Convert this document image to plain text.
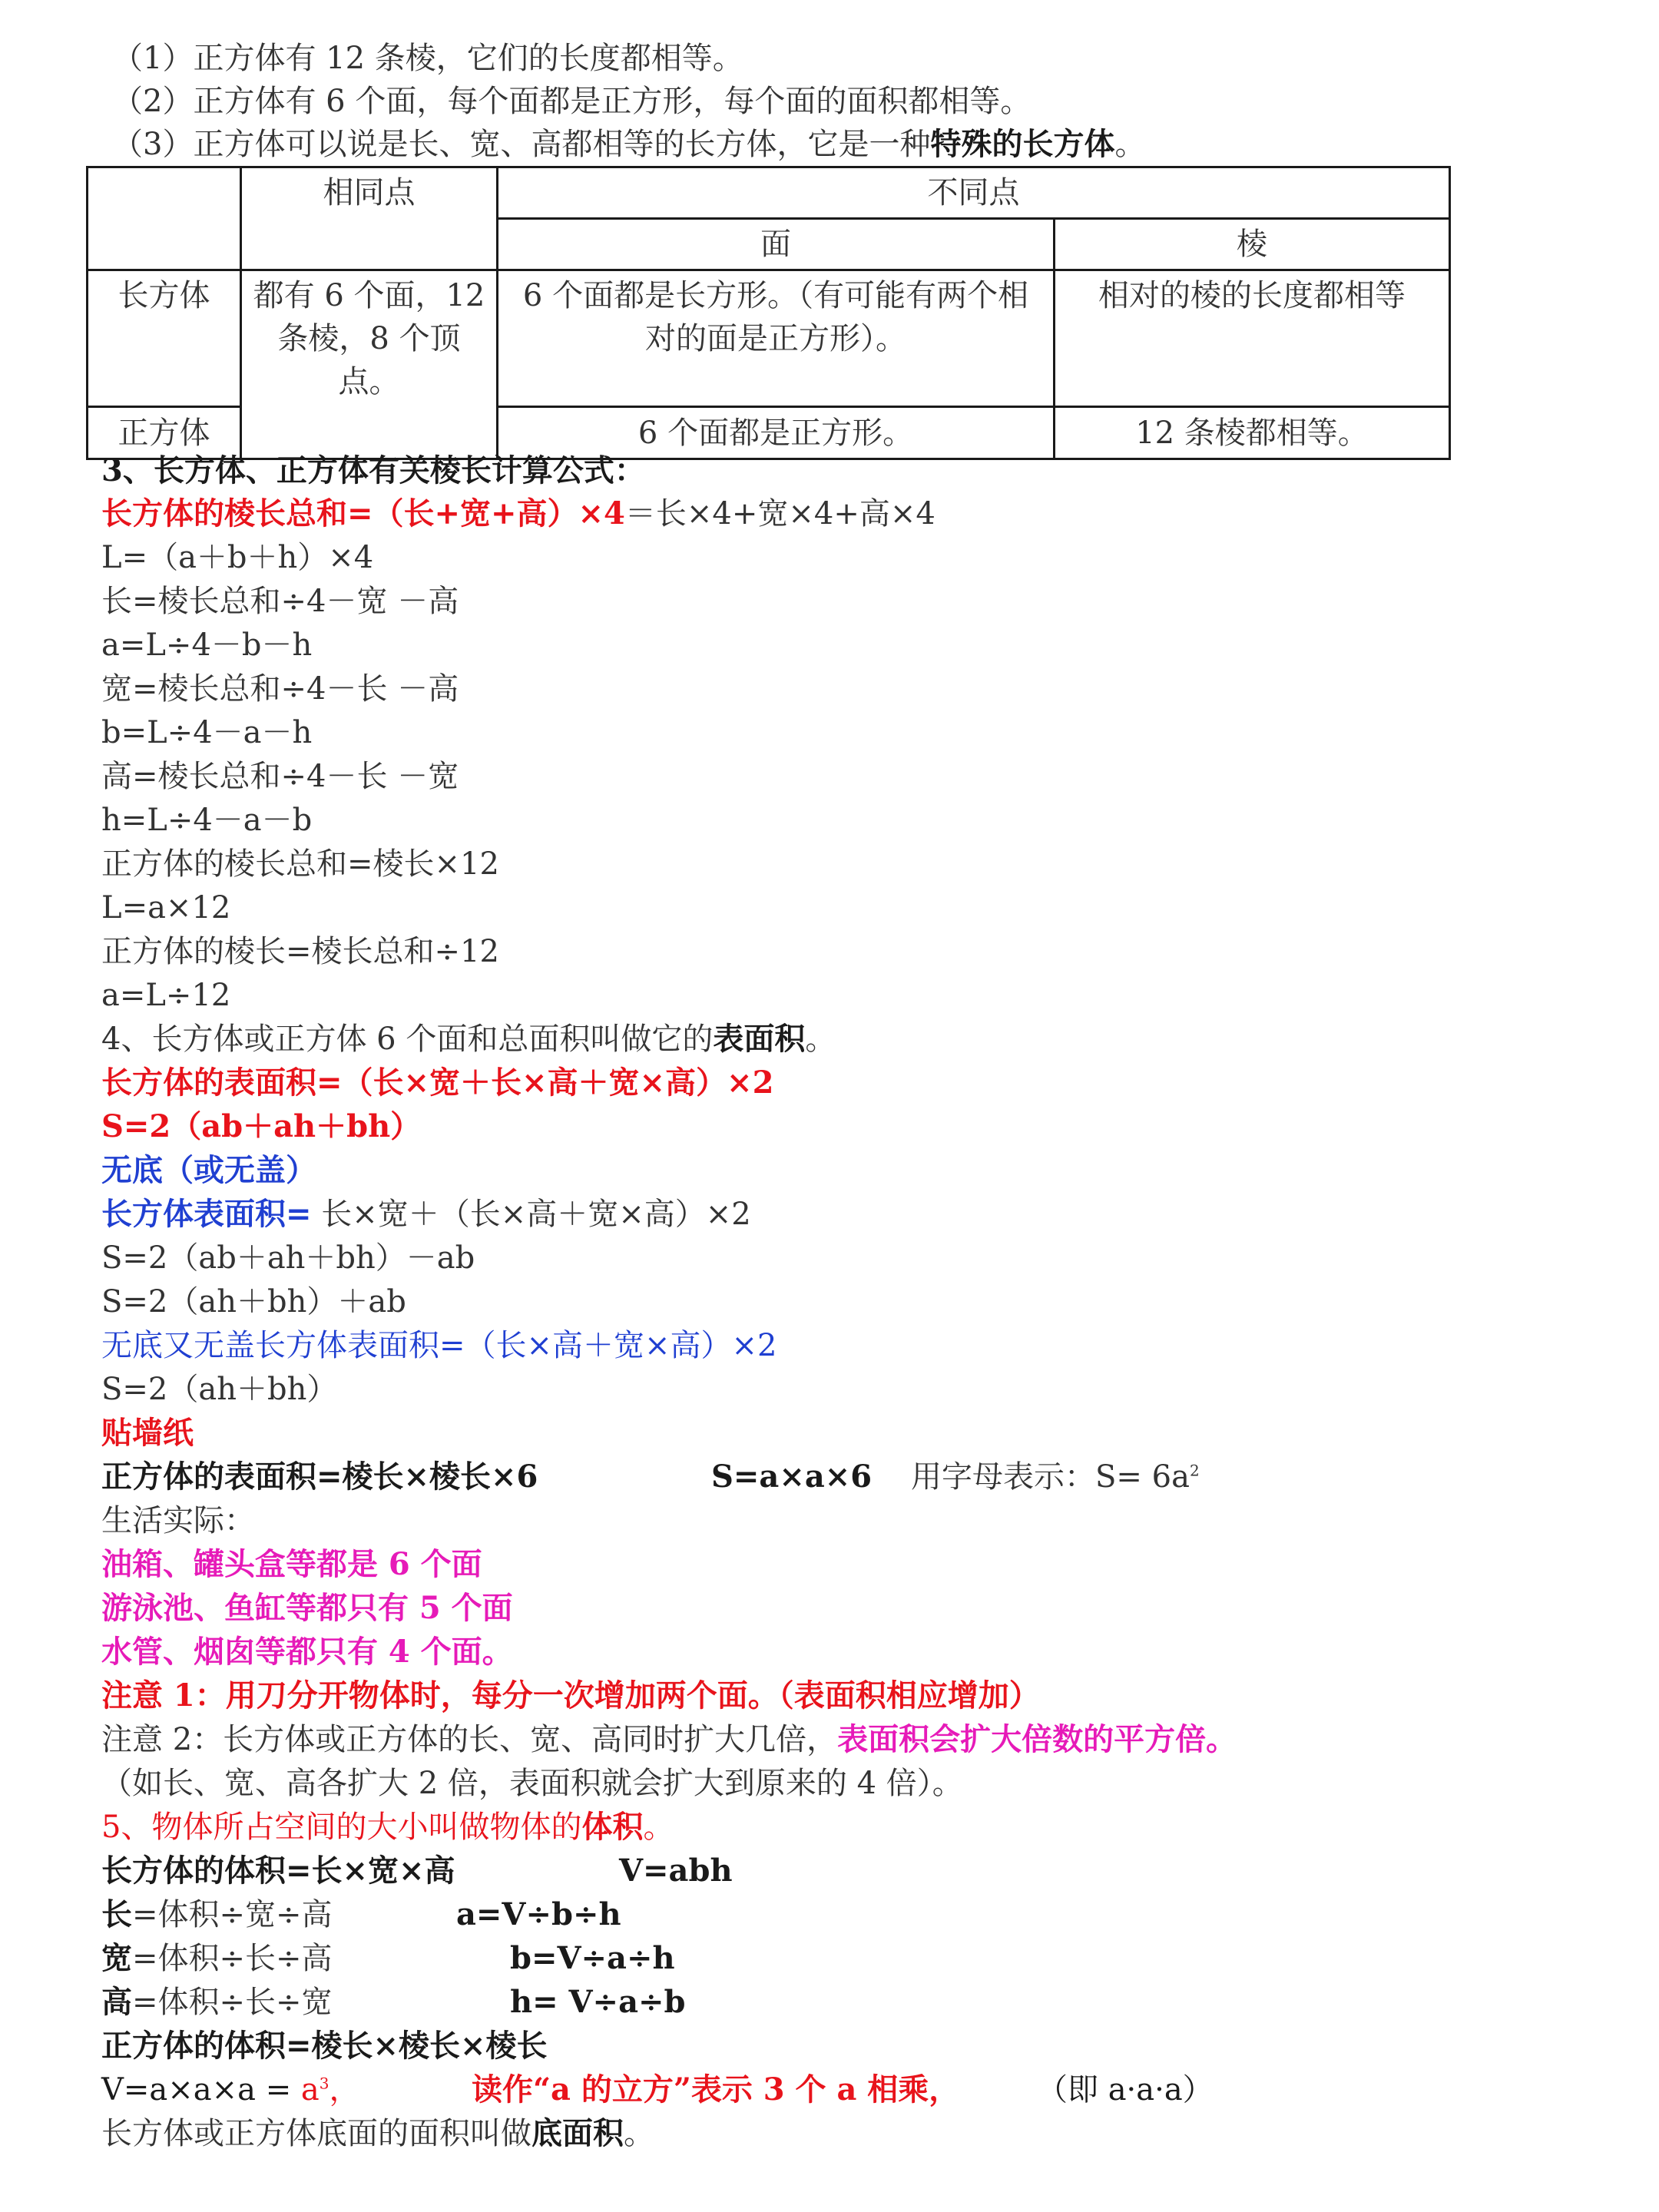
（1）正方体有 12 条棱，它们的长度都相等。
（2）正方体有 6 个面，每个面都是正方形，每个面的面积都相等。
（3）正方体可以说是长、宽、高都相等的长方体，它是一种特殊的长方体。
	相同点	不同点	
		面	棱
长方体	都有 6 个面，12 条棱，8 个顶点。	6 个面都是长方形。（有可能有两个相对的面是正方形）。	相对的棱的长度都相等
正方体		6 个面都是正方形。	12 条棱都相等。
3、长方体、正方体有关棱长计算公式：
长方体的棱长总和=（长+宽+高）×4＝长×4+宽×4+高×4
L=（a＋b＋h）×4
长=棱长总和÷4－宽 －高
a=L÷4－b－h
宽=棱长总和÷4－长 －高
b=L÷4－a－h
高=棱长总和÷4－长 －宽
h=L÷4－a－b
正方体的棱长总和=棱长×12
L=a×12
正方体的棱长=棱长总和÷12
a=L÷12
4、长方体或正方体 6 个面和总面积叫做它的表面积。
长方体的表面积=（长×宽＋长×高＋宽×高）×2
S=2（ab＋ah＋bh）
无底（或无盖）
长方体表面积= 长×宽＋（长×高＋宽×高）×2
S=2（ab＋ah＋bh）－ab
S=2（ah＋bh）＋ab
无底又无盖长方体表面积=（长×高＋宽×高）×2
S=2（ah＋bh）
贴墙纸
正方体的表面积=棱长×棱长×6	S=a×a×6 用字母表示：$S= 6a^2$
生活实际：
油箱、罐头盒等都是 6 个面
游泳池、鱼缸等都只有 5 个面
水管、烟囱等都只有 4 个面。
注意 1：用刀分开物体时，每分一次增加两个面。（表面积相应增加）
注意 2：长方体或正方体的长、宽、高同时扩大几倍，表面积会扩大倍数的平方倍。
（如长、宽、高各扩大 2 倍，表面积就会扩大到原来的 4 倍）。
5、物体所占空间的大小叫做物体的体积。
长方体的体积=长×宽×高	V=abh
长=体积÷宽÷高	a=V÷b÷h
宽=体积÷长÷高	b=V÷a÷h
高=体积÷长÷宽	h= V÷a÷b
正方体的体积=棱长×棱长×棱长
$V=a\times a\times a = a^3$，	读作“a 的立方”表示 3 个 a 相乘，	（即 a·a·a）
长方体或正方体底面的面积叫做底面积。
